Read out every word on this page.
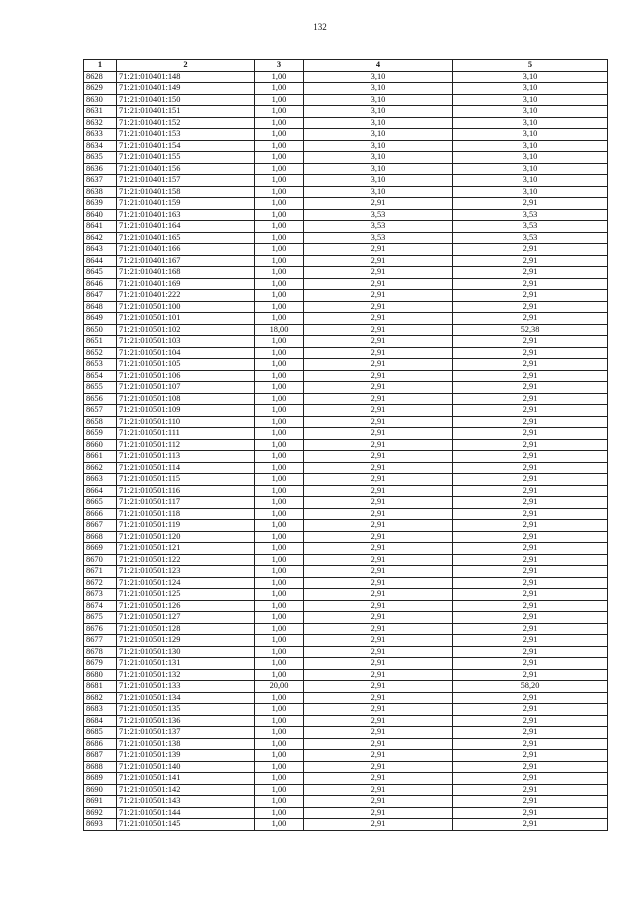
132
1	2	3	4	5
8628	71:21:010401:148	1,00	3,10	3,10
8629	71:21:010401:149	1,00	3,10	3,10
8630	71:21:010401:150	1,00	3,10	3,10
8631	71:21:010401:151	1,00	3,10	3,10
8632	71:21:010401:152	1,00	3,10	3,10
8633	71:21:010401:153	1,00	3,10	3,10
8634	71:21:010401:154	1,00	3,10	3,10
8635	71:21:010401:155	1,00	3,10	3,10
8636	71:21:010401:156	1,00	3,10	3,10
8637	71:21:010401:157	1,00	3,10	3,10
8638	71:21:010401:158	1,00	3,10	3,10
8639	71:21:010401:159	1,00	2,91	2,91
8640	71:21:010401:163	1,00	3,53	3,53
8641	71:21:010401:164	1,00	3,53	3,53
8642	71:21:010401:165	1,00	3,53	3,53
8643	71:21:010401:166	1,00	2,91	2,91
8644	71:21:010401:167	1,00	2,91	2,91
8645	71:21:010401:168	1,00	2,91	2,91
8646	71:21:010401:169	1,00	2,91	2,91
8647	71:21:010401:222	1,00	2,91	2,91
8648	71:21:010501:100	1,00	2,91	2,91
8649	71:21:010501:101	1,00	2,91	2,91
8650	71:21:010501:102	18,00	2,91	52,38
8651	71:21:010501:103	1,00	2,91	2,91
8652	71:21:010501:104	1,00	2,91	2,91
8653	71:21:010501:105	1,00	2,91	2,91
8654	71:21:010501:106	1,00	2,91	2,91
8655	71:21:010501:107	1,00	2,91	2,91
8656	71:21:010501:108	1,00	2,91	2,91
8657	71:21:010501:109	1,00	2,91	2,91
8658	71:21:010501:110	1,00	2,91	2,91
8659	71:21:010501:111	1,00	2,91	2,91
8660	71:21:010501:112	1,00	2,91	2,91
8661	71:21:010501:113	1,00	2,91	2,91
8662	71:21:010501:114	1,00	2,91	2,91
8663	71:21:010501:115	1,00	2,91	2,91
8664	71:21:010501:116	1,00	2,91	2,91
8665	71:21:010501:117	1,00	2,91	2,91
8666	71:21:010501:118	1,00	2,91	2,91
8667	71:21:010501:119	1,00	2,91	2,91
8668	71:21:010501:120	1,00	2,91	2,91
8669	71:21:010501:121	1,00	2,91	2,91
8670	71:21:010501:122	1,00	2,91	2,91
8671	71:21:010501:123	1,00	2,91	2,91
8672	71:21:010501:124	1,00	2,91	2,91
8673	71:21:010501:125	1,00	2,91	2,91
8674	71:21:010501:126	1,00	2,91	2,91
8675	71:21:010501:127	1,00	2,91	2,91
8676	71:21:010501:128	1,00	2,91	2,91
8677	71:21:010501:129	1,00	2,91	2,91
8678	71:21:010501:130	1,00	2,91	2,91
8679	71:21:010501:131	1,00	2,91	2,91
8680	71:21:010501:132	1,00	2,91	2,91
8681	71:21:010501:133	20,00	2,91	58,20
8682	71:21:010501:134	1,00	2,91	2,91
8683	71:21:010501:135	1,00	2,91	2,91
8684	71:21:010501:136	1,00	2,91	2,91
8685	71:21:010501:137	1,00	2,91	2,91
8686	71:21:010501:138	1,00	2,91	2,91
8687	71:21:010501:139	1,00	2,91	2,91
8688	71:21:010501:140	1,00	2,91	2,91
8689	71:21:010501:141	1,00	2,91	2,91
8690	71:21:010501:142	1,00	2,91	2,91
8691	71:21:010501:143	1,00	2,91	2,91
8692	71:21:010501:144	1,00	2,91	2,91
8693	71:21:010501:145	1,00	2,91	2,91
